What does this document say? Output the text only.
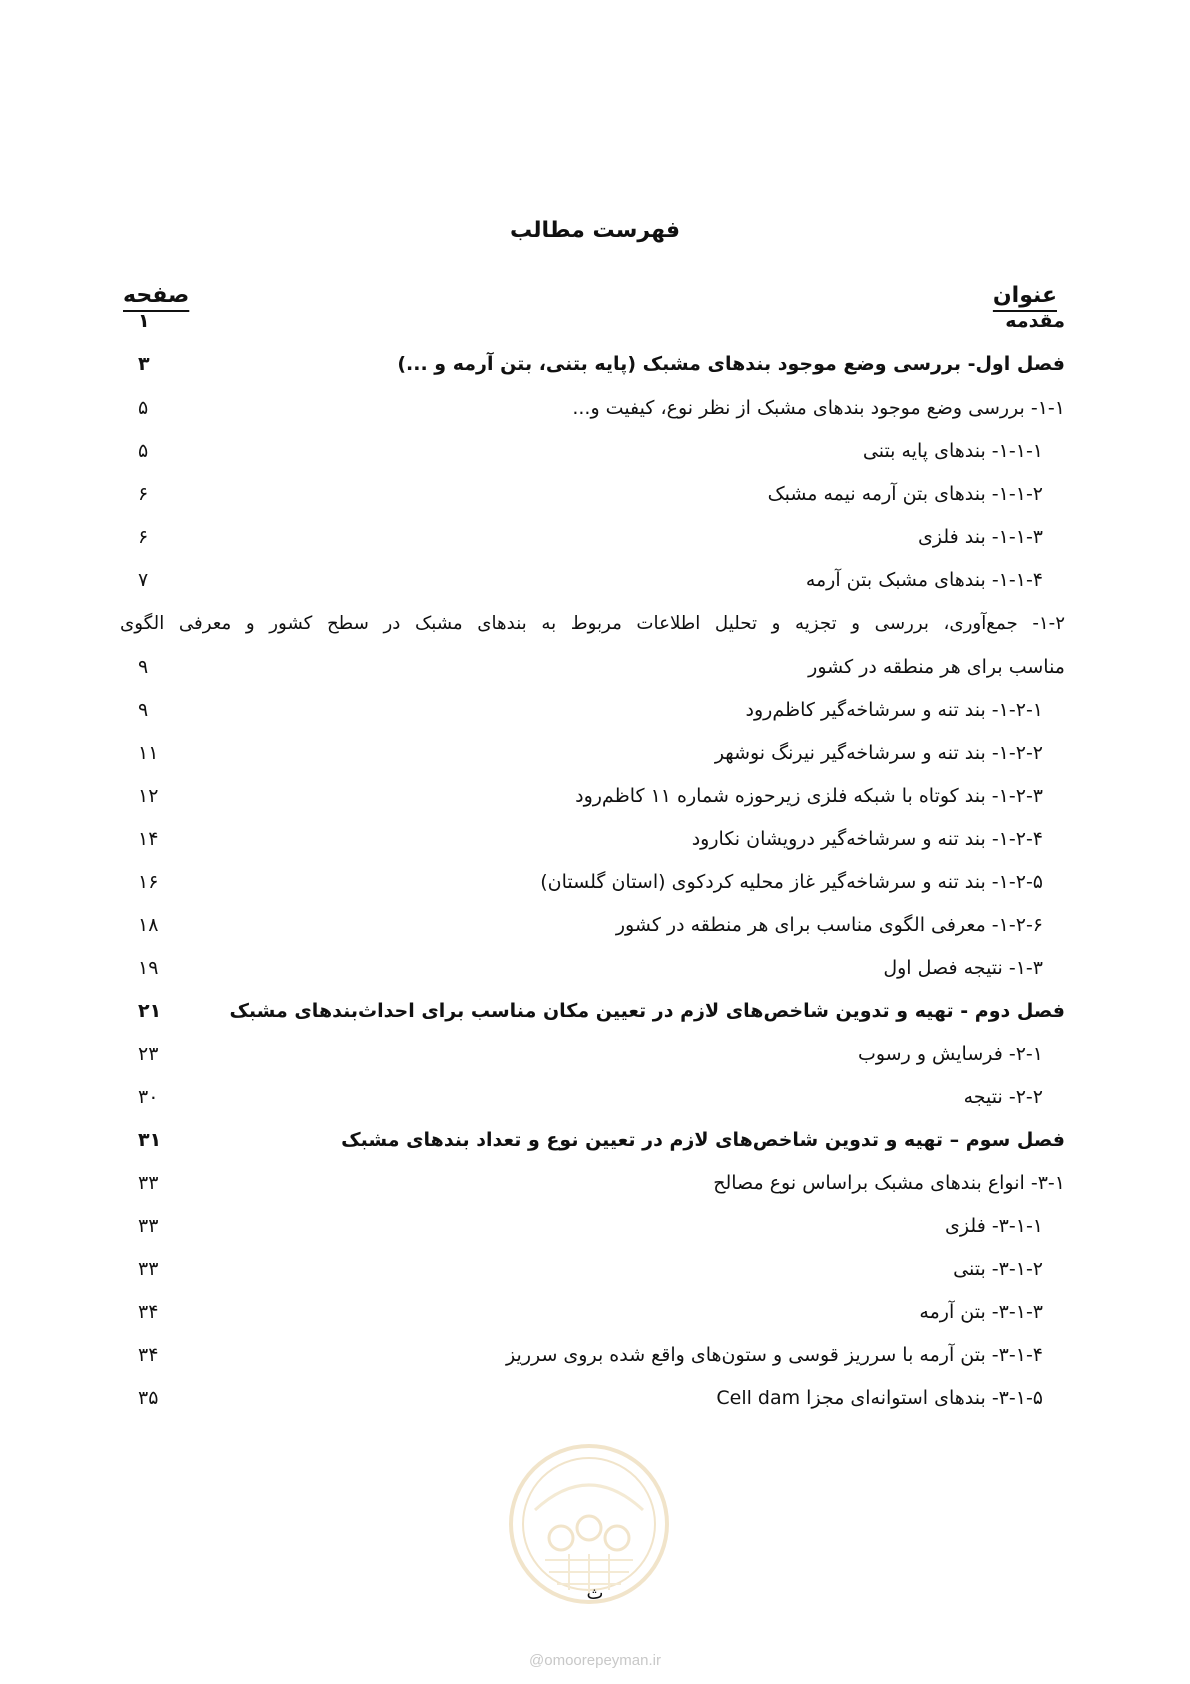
فهرست مطالب
عنوان
صفحه
مقدمه
۱
فصل اول- بررسی وضع موجود بندهای مشبک (پایه بتنی، بتن آرمه و ...)
۳
۱-۱- بررسی وضع موجود بندهای مشبک از نظر نوع، کیفیت و...
۵
۱-۱-۱- بندهای پایه بتنی
۵
۱-۱-۲- بندهای بتن آرمه نیمه مشبک
۶
۱-۱-۳- بند فلزی
۶
۱-۱-۴- بندهای مشبک بتن آرمه
۷
۱-۲- جمع‌آوری، بررسی و تجزیه و تحلیل اطلاعات مربوط به بندهای مشبک در سطح کشور و معرفی الگوی
مناسب برای هر منطقه در کشور
۹
۱-۲-۱- بند تنه و سرشاخه‌گیر کاظم‌رود
۹
۱-۲-۲- بند تنه و سرشاخه‌گیر نیرنگ نوشهر
۱۱
۱-۲-۳- بند کوتاه با شبکه فلزی زیرحوزه شماره ۱۱ کاظم‌رود
۱۲
۱-۲-۴- بند تنه و سرشاخه‌گیر درویشان نکارود
۱۴
۱-۲-۵- بند تنه و سرشاخه‌گیر غاز محلیه کردکوی (استان گلستان)
۱۶
۱-۲-۶- معرفی الگوی مناسب برای هر منطقه در کشور
۱۸
۱-۳- نتیجه فصل اول
۱۹
فصل دوم - تهیه و تدوین شاخص‌های لازم در تعیین مکان مناسب برای احداث‌بندهای مشبک
۲۱
۲-۱- فرسایش و رسوب
۲۳
۲-۲- نتیجه
۳۰
فصل سوم – تهیه و تدوین شاخص‌های لازم در تعیین نوع و تعداد بندهای مشبک
۳۱
۳-۱- انواع بندهای مشبک براساس نوع مصالح
۳۳
۳-۱-۱- فلزی
۳۳
۳-۱-۲- بتنی
۳۳
۳-۱-۳- بتن آرمه
۳۴
۳-۱-۴- بتن آرمه با سرریز قوسی و ستون‌های واقع شده بروی سرریز
۳۴
۳-۱-۵- بندهای استوانه‌ای مجزا Cell dam
۳۵
ث
@omoorepeyman.ir
